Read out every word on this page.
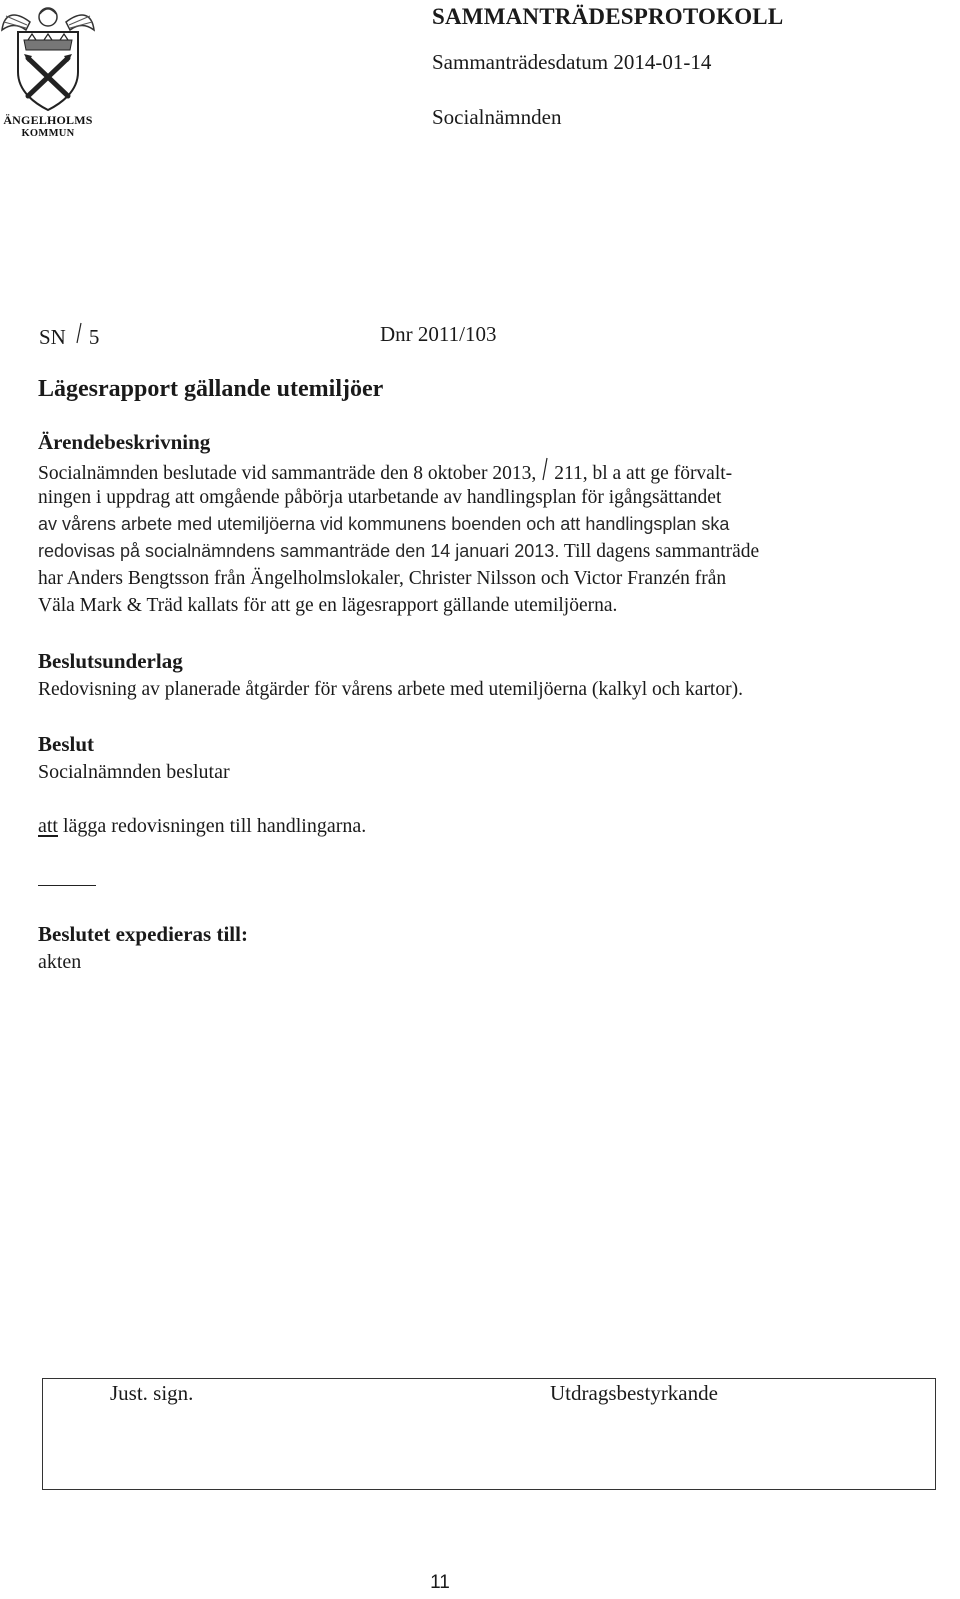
ÄNGELHOLMS
KOMMUN
SAMMANTRÄDESPROTOKOLL
Sammanträdesdatum 2014-01-14
Socialnämnden
SN 5	Dnr 2011/103
Lägesrapport gällande utemiljöer
Ärendebeskrivning
Socialnämnden beslutade vid sammanträde den 8 oktober 2013, 211, bl a att ge förvalt-
ningen i uppdrag att omgående påbörja utarbetande av handlingsplan för igångsättandet
av vårens arbete med utemiljöerna vid kommunens boenden och att handlingsplan ska
redovisas på socialnämndens sammanträde den 14 januari 2013. Till dagens sammanträde
har Anders Bengtsson från Ängelholmslokaler, Christer Nilsson och Victor Franzén från
Väla Mark & Träd kallats för att ge en lägesrapport gällande utemiljöerna.
Beslutsunderlag
Redovisning av planerade åtgärder för vårens arbete med utemiljöerna (kalkyl och kartor).
Beslut
Socialnämnden beslutar
att lägga redovisningen till handlingarna.
Beslutet expedieras till:
akten
Just. sign.	Utdragsbestyrkande
11
